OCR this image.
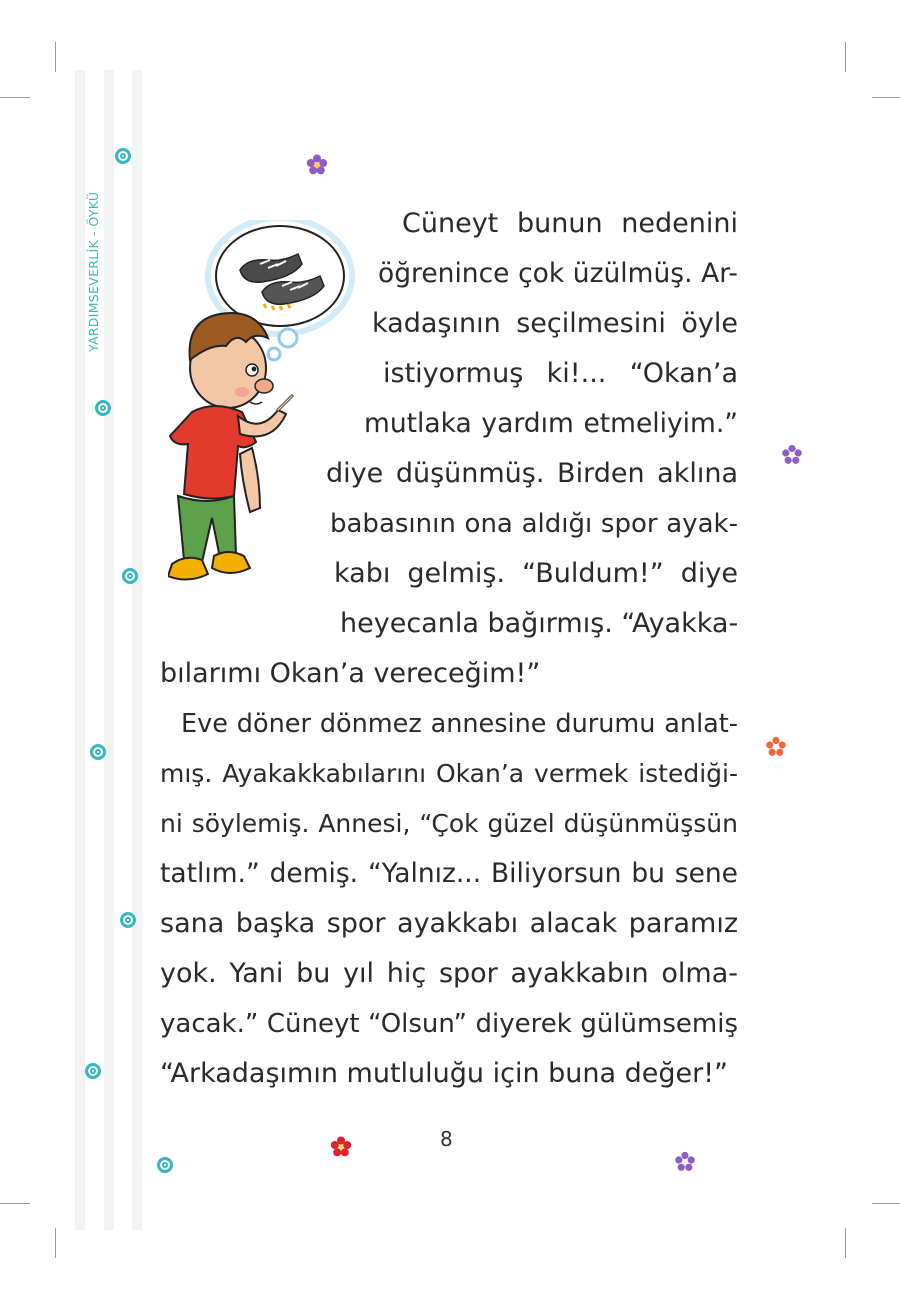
YARDIMSEVERLİK - ÖYKÜ	Cüneyt bunun nedenini
öğrenince çok üzülmüş. Ar-
kadaşının seçilmesini öyle
istiyormuş ki!... “Okan’a
mutlaka yardım etmeliyim.”
diye düşünmüş. Birden aklına
babasının ona aldığı spor ayak-
kabı gelmiş. “Buldum!” diye
heyecanla bağırmış. “Ayakka-
bılarımı Okan’a vereceğim!”
Eve döner dönmez annesine durumu anlat-
mış. Ayakakkabılarını Okan’a vermek istediği-
ni söylemiş. Annesi, “Çok güzel düşünmüşsün
tatlım.” demiş. “Yalnız... Biliyorsun bu sene
sana başka spor ayakkabı alacak paramız
yok. Yani bu yıl hiç spor ayakkabın olma-
yacak.” Cüneyt “Olsun” diyerek gülümsemiş
“Arkadaşımın mutluluğu için buna değer!”
8
